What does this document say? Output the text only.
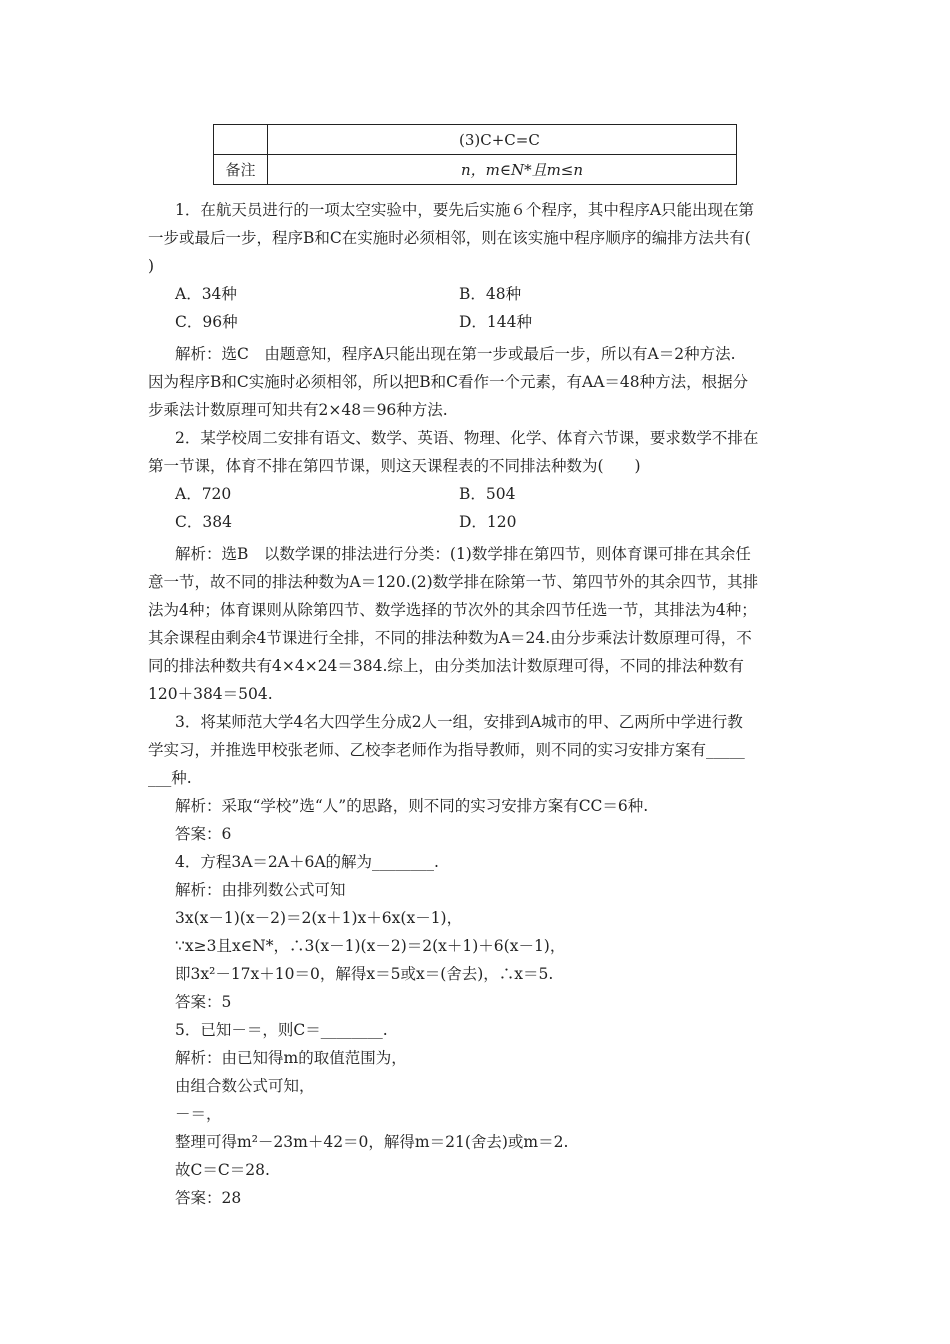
		(3)C+C=C
备注	n，m∈N*且m≤n	
1．在航天员进行的一项太空实验中，要先后实施６个程序，其中程序A只能出现在第
一步或最后一步，程序B和C在实施时必须相邻，则在该实施中程序顺序的编排方法共有(
)
解析：选C　由题意知，程序A只能出现在第一步或最后一步，所以有A＝2种方法.
因为程序B和C实施时必须相邻，所以把B和C看作一个元素，有AA＝48种方法，根据分
步乘法计数原理可知共有2×48＝96种方法.
2．某学校周二安排有语文、数学、英语、物理、化学、体育六节课，要求数学不排在
第一节课，体育不排在第四节课，则这天课程表的不同排法种数为(　　)
解析：选B　以数学课的排法进行分类：(1)数学排在第四节，则体育课可排在其余任
意一节，故不同的排法种数为A＝120.(2)数学排在除第一节、第四节外的其余四节，其排
法为4种；体育课则从除第四节、数学选择的节次外的其余四节任选一节，其排法为4种；
其余课程由剩余4节课进行全排，不同的排法种数为A＝24.由分步乘法计数原理可得，不
同的排法种数共有4×4×24＝384.综上，由分类加法计数原理可得，不同的排法种数有
120＋384＝504.
3．将某师范大学4名大四学生分成2人一组，安排到A城市的甲、乙两所中学进行教
学实习，并推选甲校张老师、乙校李老师作为指导教师，则不同的实习安排方案有_____
___种.
解析：采取“学校”选“人”的思路，则不同的实习安排方案有CC＝6种.
答案：6
4．方程3A＝2A＋6A的解为________.
解析：由排列数公式可知
3x(x－1)(x－2)＝2(x＋1)x＋6x(x－1)，
∵x≥3且x∈N*，∴3(x－1)(x－2)＝2(x＋1)＋6(x－1)，
即3x²－17x＋10＝0，解得x＝5或x＝(舍去)，∴x＝5.
答案：5
5．已知－＝，则C＝________.
解析：由已知得m的取值范围为，
由组合数公式可知，
－＝，
整理可得m²－23m＋42＝0，解得m＝21(舍去)或m＝2.
故C＝C＝28.
答案：28
A．34种	B．48种
C．96种	D．144种
A．720	B．504
C．384	D．120
